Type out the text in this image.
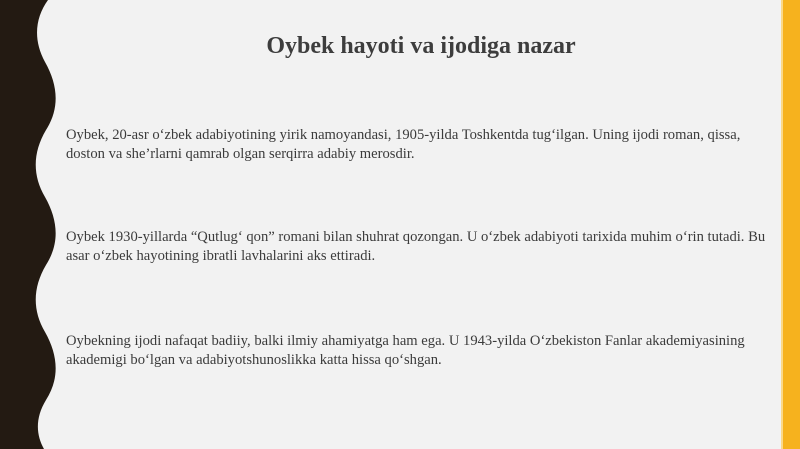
Oybek hayoti va ijodiga nazar

Oybek, 20-asr o‘zbek adabiyotining yirik namoyandasi, 1905-yilda Toshkentda tug‘ilgan. Uning ijodi roman, qissa, doston va she’rlarni qamrab olgan serqirra adabiy merosdir.

Oybek 1930-yillarda “Qutlug‘ qon” romani bilan shuhrat qozongan. U o‘zbek adabiyoti tarixida muhim o‘rin tutadi. Bu asar o‘zbek hayotining ibratli lavhalarini aks ettiradi.

Oybekning ijodi nafaqat badiiy, balki ilmiy ahamiyatga ham ega. U 1943-yilda O‘zbekiston Fanlar akademiyasining akademigi bo‘lgan va adabiyotshunoslikka katta hissa qo‘shgan.
